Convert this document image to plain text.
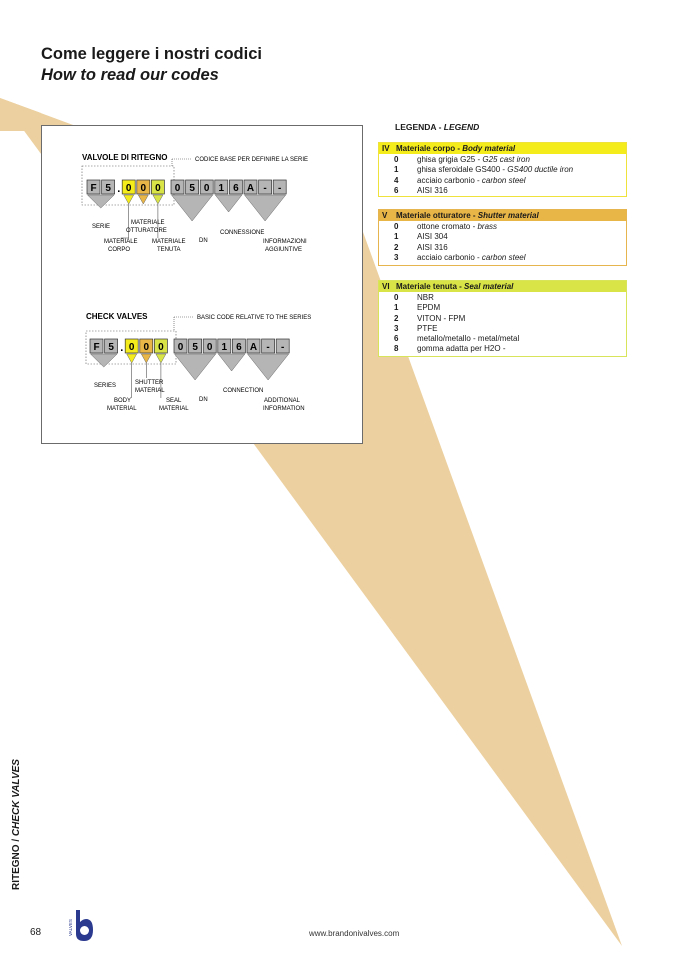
Come leggere i nostri codici
How to read our codes
VALVOLE DI RITEGNO	CODICE BASE PER DEFINIRE LA SERIE
F 5 . 0 0 0 0 5 0 1 6 A - -
SERIE
MATERIALE
OTTURATORE
MATERIALE
CORPO
MATERIALE
TENUTA
DN
CONNESSIONE
INFORMAZIONI
AGGIUNTIVE
CHECK VALVES	BASIC CODE RELATIVE TO THE SERIES
F 5 . 0 0 0 0 5 0 1 6 A - -
SERIES	SHUTTER
MATERIAL
BODY
MATERIAL
SEAL
MATERIAL
DN
CONNECTION
ADDITIONAL
INFORMATION
LEGENDA - LEGEND
IV Materiale corpo - Body material
0 ghisa grigia G25 - G25 cast iron
1 ghisa sferoidale GS400 - GS400 ductile iron
4 acciaio carbonio - carbon steel
6 AISI 316
V Materiale otturatore - Shutter material
0 ottone cromato - brass
1 AISI 304
2 AISI 316
3 acciaio carbonio - carbon steel
VI Materiale tenuta - Seal material
0 NBR
1 EPDM
2 VITON - FPM
3 PTFE
6 metallo/metallo - metal/metal
8 gomma adatta per H2O -
RITEGNO / CHECK VALVES
68	VALVES	www.brandonivalves.com
